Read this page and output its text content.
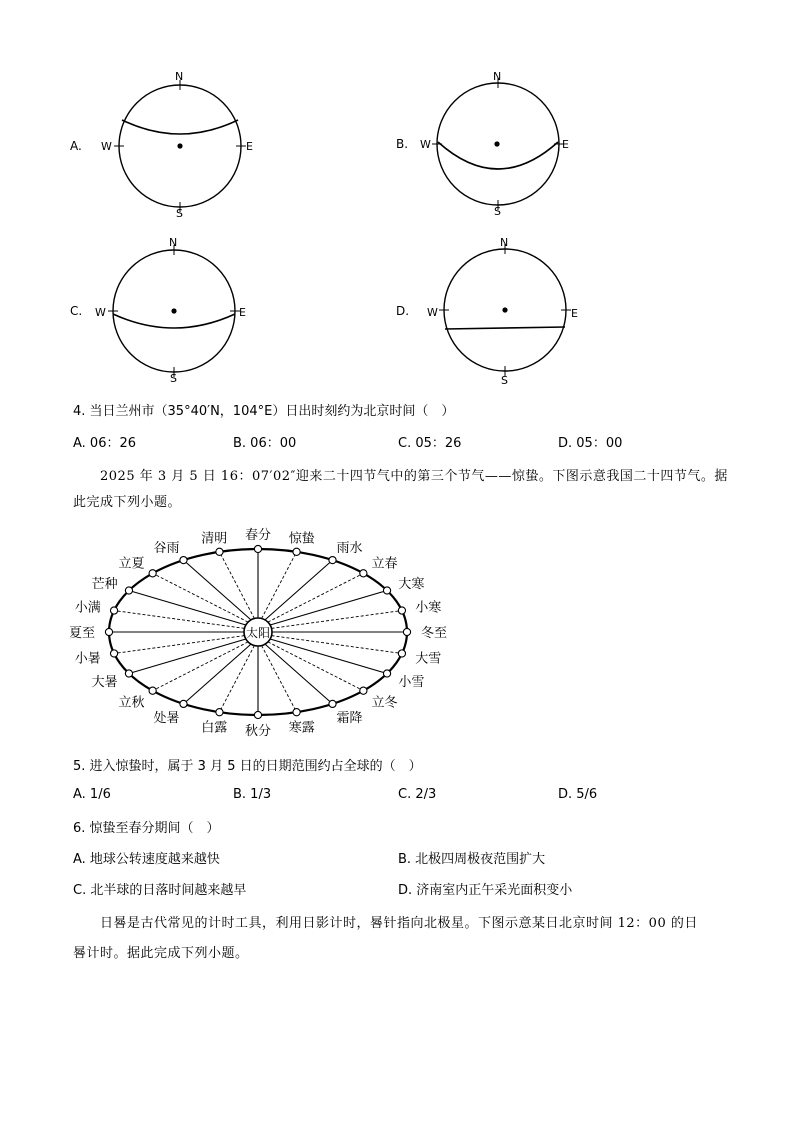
A.
N
S
W	E	B.
N
S
W	E
C.
N
S
W	E	D.
N
S
W	E
4. 当日兰州市（35°40′N，104°E）日出时刻约为北京时间（　）
A. 06：26	B. 06：00	C. 05：26	D. 05：00
2025 年 3 月 5 日 16：07′02″迎来二十四节气中的第三个节气——惊蛰。下图示意我国二十四节气。据
此完成下列小题。
太阳
春分 惊蛰
雨水
立春
大寒
小寒
冬至
大雪
小雪
立冬
霜降
寒露
秋分
白露
处暑
立秋
大暑
小暑
夏至
小满
芒种
立夏
谷雨
清明
5. 进入惊蛰时，属于 3 月 5 日的日期范围约占全球的（　）
A. 1/6	B. 1/3	C. 2/3	D. 5/6
6. 惊蛰至春分期间（　）
A. 地球公转速度越来越快	B. 北极四周极夜范围扩大
C. 北半球的日落时间越来越早	D. 济南室内正午采光面积变小
日晷是古代常见的计时工具，利用日影计时，晷针指向北极星。下图示意某日北京时间 12：00 的日
晷计时。据此完成下列小题。
